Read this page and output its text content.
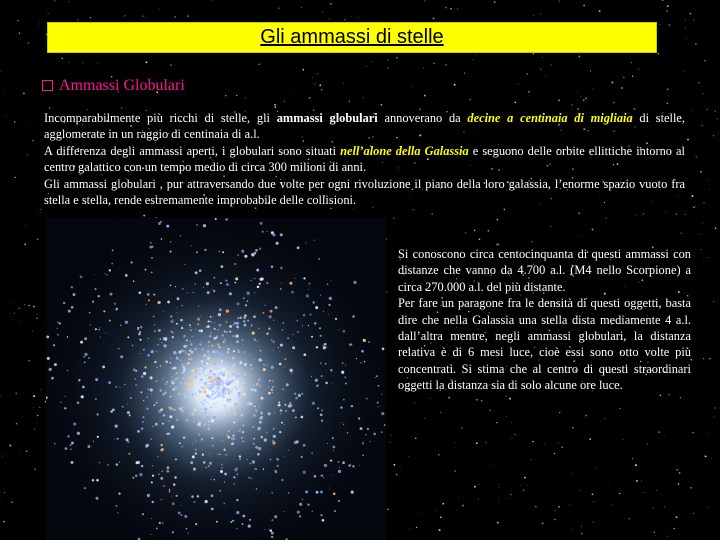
Gli ammassi di stelle
Ammassi Globulari

Incomparabilmente più ricchi di stelle, gli ammassi globulari annoverano da decine a centinaia di migliaia di stelle, agglomerate in un raggio di centinaia di a.l.

A differenza degli ammassi aperti, i globulari sono situati nell’alone della Galassia e seguono delle orbite ellittiche intorno al centro galattico con un tempo medio di circa 300 milioni di anni.

Gli ammassi globulari , pur attraversando due volte per ogni rivoluzione il piano della loro galassia, l’enorme spazio vuoto fra stella e stella, rende estremamente improbabile delle collisioni.

Si conoscono circa centocinquanta di questi ammassi con distanze che vanno da 4.700 a.l. (M4 nello Scorpione) a circa 270.000 a.l. del più distante.

Per fare un paragone fra le densità di questi oggetti, basta dire che nella Galassia una stella dista mediamente 4 a.l. dall’altra mentre, negli ammassi globulari, la distanza relativa è di 6 mesi luce, cioè essi sono otto volte più concentrati. Si stima che al centro di questi straordinari oggetti la distanza sia di solo alcune ore luce.
